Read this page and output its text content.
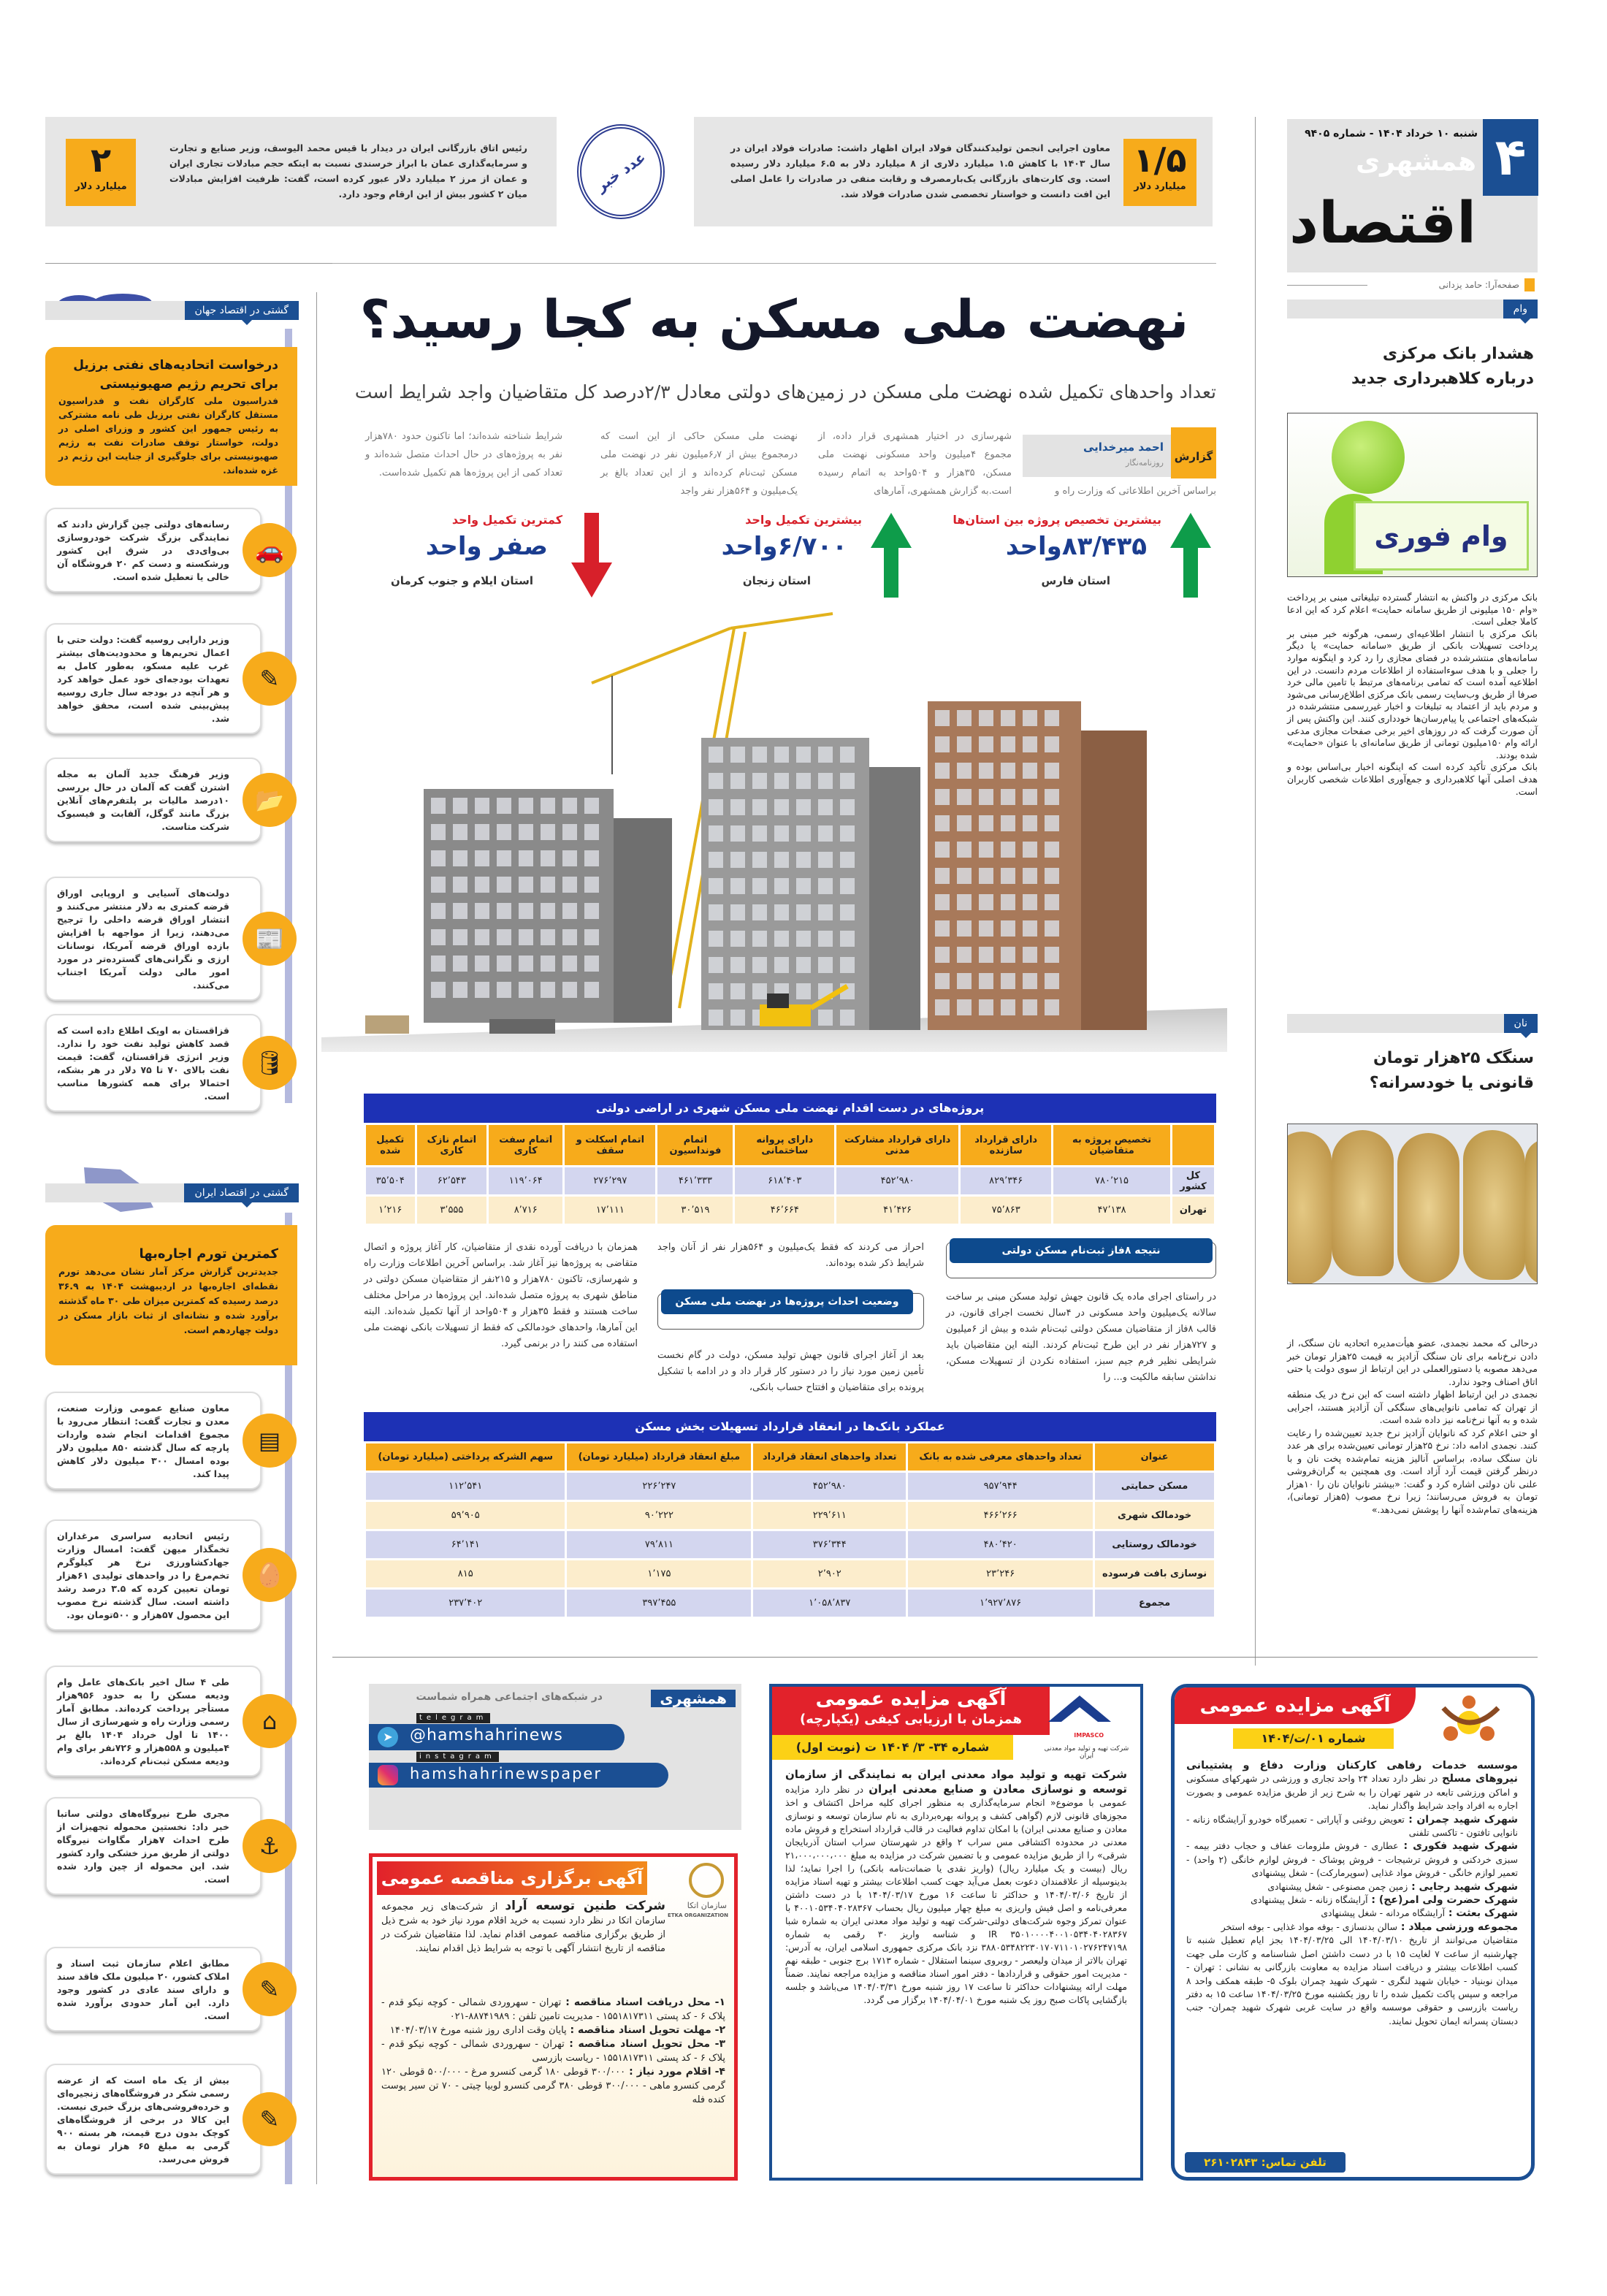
شنبه ۱۰ خرداد ۱۴۰۴ - شماره ۹۴۰۵
همشهری
اقتصاد
۴
صفحه‌آرا: حامد یزدانی
۱/۵
میلیارد دلار
معاون اجرایی انجمن تولیدکنندگان فولاد ایران اظهار داشت: صادرات فولاد ایران در سال ۱۴۰۳ با کاهش ۱.۵ میلیارد دلاری از ۸ میلیارد دلار به ۶.۵ میلیارد دلار رسیده است. وی کارت‌های بازرگانی یک‌بارمصرف و رقابت منفی در صادرات را عامل اصلی این افت دانست و خواستار تخصصی شدن صادرات فولاد شد.
۲
میلیارد دلار
رئیس اتاق بازرگانی ایران در دیدار با قیس محمد الیوسف، وزیر صنایع و تجارت و سرمایه‌گذاری عمان با ابراز خرسندی نسبت به اینکه حجم مبادلات تجاری ایران و عمان از مرز ۲ میلیارد دلار عبور کرده است، گفت: ظرفیت افزایش مبادلات میان ۲ کشور بیش از این ارقام وجود دارد.	عدد خبر
نهضت ملی مسکن به کجا رسید؟
تعداد واحدهای تکمیل شده نهضت ملی مسکن در زمین‌های دولتی معادل ۲/۳درصد کل متقاضیان واجد شرایط است
گزارش
احمد میرخدایی
روزنامه‌نگار
براساس آخرین اطلاعاتی که وزارت راه و
شهرسازی در اختیار همشهری قرار داده، از مجموع ۴میلیون واحد مسکونی نهضت ملی مسکن، ۳۵هزار و ۵۰۴واحد به اتمام رسیده است.به گزارش همشهری، آمارهای
نهضت ملی مسکن حاکی از این است که درمجموع بیش از ۶٫۷میلیون نفر در نهضت ملی مسکن ثبت‌نام کرده‌اند و از این تعداد بالغ بر یک‌میلیون و ۵۶۴هزار نفر واجد
شرایط شناخته شده‌اند؛ اما تاکنون حدود ۷۸۰هزار نفر به پروژه‌های در حال احداث متصل شده‌اند و تعداد کمی از این پروژه‌ها هم تکمیل شده‌است.
بیشترین تخصیص پروژه بین استان‌ها
۸۳/۴۳۵واحد
استان فارس
بیشترین تکمیل واحد
۶/۷۰۰واحد
استان زنجان
کمترین تکمیل واحد
صفر واحد
استان ایلام و جنوب کرمان
پروژه‌های در دست اقدام نهضت ملی مسکن شهری در اراضی دولتی
	تخصیص پروژه به متقاضیان	دارای قرارداد سازنده	دارای قرارداد مشارکت مدنی	دارای پروانه ساختمانی	اتمام فونداسیون	اتمام اسکلت و سقف	اتمام سفت کاری	اتمام نازک کاری	تکمیل شده
کل کشور	۷۸۰٬۲۱۵	۸۲۹٬۳۴۶	۴۵۲٬۹۸۰	۶۱۸٬۴۰۳	۴۶۱٬۳۳۳	۲۷۶٬۲۹۷	۱۱۹٬۰۶۴	۶۲٬۵۴۳	۳۵٬۵۰۴
تهران	۴۷٬۱۳۸	۷۵٬۸۶۳	۴۱٬۴۲۶	۴۶٬۶۶۴	۳۰٬۵۱۹	۱۷٬۱۱۱	۸٬۷۱۶	۳٬۵۵۵	۱٬۲۱۶
نتیجه ۸فاز ثبت‌نام مسکن دولتی
در راستای اجرای ماده یک قانون جهش تولید مسکن مبنی بر ساخت سالانه یک‌میلیون واحد مسکونی در ۴سال نخست اجرای قانون، در قالب ۸فاز از متقاضیان مسکن دولتی ثبت‌نام شده و بیش از ۶میلیون و ۷۲۷هزار نفر در این طرح ثبت‌نام کردند. البته این متقاضیان باید شرایطی نظیر فرم جیم سبز، استفاده نکردن از تسهیلات مسکن، نداشتن سابقه مالکیت و... را
احراز می کردند که فقط یک‌میلیون و ۵۶۴هزار نفر از آنان واجد شرایط ذکر شده بوده‌اند.
وضعیت احداث پروژه‌ها در نهضت ملی مسکن
بعد از آغاز اجرای قانون جهش تولید مسکن، دولت در گام نخست تأمین زمین مورد نیاز را در دستور کار قرار داد و در ادامه با تشکیل پرونده برای متقاضیان و افتتاح حساب بانکی،
همزمان با دریافت آورده نقدی از متقاضیان، کار آغاز پروژه و اتصال متقاضی به پروژه‌ها نیز آغاز شد. براساس آخرین اطلاعات وزارت راه و شهرسازی، تاکنون ۷۸۰هزار و ۲۱۵نفر از متقاضیان مسکن دولتی در مناطق شهری به پروژه متصل شده‌اند. این پروژه‌ها در مراحل مختلف ساخت هستند و فقط ۳۵هزار و ۵۰۴واحد از آنها تکمیل شده‌اند. البته این آمارها، واحدهای خودمالکی که فقط از تسهیلات بانکی نهضت ملی استفاده می کنند را در برنمی گیرد.
عملکرد بانک‌ها در انعقاد قرارداد تسهیلات بخش مسکن
عنوان	تعداد واحدهای معرفی شده به بانک	تعداد واحدهای انعقاد قرارداد	مبلغ انعقاد قرارداد (میلیارد تومان)	سهم الشرکه پرداختی (میلیارد تومان)
مسکن حمایتی	۹۵۷٬۹۴۴	۴۵۲٬۹۸۰	۲۲۶٬۲۴۷	۱۱۲٬۵۴۱
خودمالک شهری	۴۶۶٬۲۶۶	۲۲۹٬۶۱۱	۹۰٬۲۲۲	۵۹٬۹۰۵
خودمالک روستایی	۴۸۰٬۴۲۰	۳۷۶٬۳۴۴	۷۹٬۸۱۱	۶۴٬۱۴۱
نوسازی بافت فرسوده	۲۳٬۲۴۶	۲٬۹۰۲	۱٬۱۷۵	۸۱۵
مجموع	۱٬۹۲۷٬۸۷۶	۱٬۰۵۸٬۸۳۷	۳۹۷٬۴۵۵	۲۳۷٬۴۰۲
وام
هشدار بانک مرکزی درباره کلاهبرداری جدید
وام فوری

بانک مرکزی در واکنش به انتشار گسترده تبلیغاتی مبنی بر پرداخت «وام ۱۵۰ میلیونی از طریق سامانه حمایت» اعلام کرد که این ادعا کاملا جعلی است.

بانک مرکزی با انتشار اطلاعیه‌ای رسمی، هرگونه خبر مبنی بر پرداخت تسهیلات بانکی از طریق «سامانه حمایت» یا دیگر سامانه‌های منتشرشده در فضای مجازی را رد کرد و اینگونه موارد را جعلی و با هدف سوءاستفاده از اطلاعات مردم دانست. در این اطلاعیه آمده است که تمامی برنامه‌های مرتبط با تامین مالی خرد صرفا از طریق وب‌سایت رسمی بانک مرکزی اطلاع‌رسانی می‌شود و مردم باید از اعتماد به تبلیغات و اخبار غیررسمی منتشرشده در شبکه‌های اجتماعی یا پیام‌رسان‌ها خودداری کنند. این واکنش پس از آن صورت گرفت که در روزهای اخیر برخی صفحات مجازی مدعی ارائه وام ۱۵۰میلیون تومانی از طریق سامانه‌ای با عنوان «حمایت» شده بودند.

بانک مرکزی تأکید کرده است که اینگونه اخبار بی‌اساس بوده و هدف اصلی آنها کلاهبرداری و جمع‌آوری اطلاعات شخصی کاربران است.

نان
سنگک ۲۵هزار تومان قانونی یا خودسرانه؟

درحالی که محمد نجمدی، عضو هیأت‌مدیره اتحادیه نان سنگک، از دادن نرخ‌نامه برای نان سنگک آزادپز به قیمت ۲۵هزار تومان خبر می‌دهد مصوبه یا دستورالعملی در این ارتباط از سوی دولت یا حتی اتاق اصناف وجود ندارد.

نجمدی در این ارتباط اظهار داشته است که این نرخ در یک منطقه از تهران که تمامی نانوایی‌های سنگکی آن آزادپز هستند، اجرایی شده و به آنها نرخ‌نامه نیز داده شده است.

او حتی اعلام کرد که نانوایان آزادپز نرخ جدید تعیین‌شده را رعایت کنند. نجمدی ادامه داد: نرخ ۲۵هزار تومانی تعیین‌شده برای هر عدد نان سنگک ساده، براساس آنالیز هزینه تمام‌شده پخت نان و با درنظر گرفتن قیمت آرد آزاد است. وی همچنین به گران‌فروشی علنی نان دولتی اشاره کرد و گفت: «بیشتر نانوایان نان را ۱۰هزار تومان به فروش می‌رسانند؛ زیرا نرخ مصوب (۵هزار تومانی)، هزینه‌های تمام‌شده آنها را پوشش نمی‌دهد.»

گشتی در اقتصاد جهان
درخواست اتحادیه‌های نفتی برزیل برای تحریم رژیم صهیونیستی
فدراسیون ملی کارگران نفت و فدراسیون مستقل کارگران نفتی برزیل طی نامه مشترکی به رئیس جمهور این کشور و وزرای اصلی در دولت، خواستار توقف صادرات نفت به رژیم صهیونیستی برای جلوگیری از جنایت این رژیم در غزه شده‌اند.
رسانه‌های دولتی چین گزارش دادند که نمایندگی بزرگ شرکت خودروسازی بی‌وای‌دی در شرق این کشور ورشکسته و دست کم ۲۰ فروشگاه آن خالی یا تعطیل شده است.
🚗
وزیر دارایی روسیه گفت: دولت حتی با اعمال تحریم‌ها و محدودیت‌های بیشتر غرب علیه مسکو، به‌طور کامل به تعهدات بودجه‌ای خود عمل خواهد کرد و هر آنچه در بودجه سال جاری روسیه پیش‌بینی شده است، محقق خواهد شد.
✎
وزیر فرهنگ جدید آلمان به مجله اشترن گفت که آلمان در حال بررسی ۱۰درصد مالیات بر پلتفرم‌های آنلاین بزرگ مانند گوگل، آلفابت و فیسبوک شرکت متاست.
📂
دولت‌های آسیایی و اروپایی اوراق قرضه کمتری به دلار منتشر می‌کنند و انتشار اوراق قرضه داخلی را ترجیح می‌دهند، زیرا از مواجهه با افزایش بازده اوراق قرضه آمریکا، نوسانات ارزی و نگرانی‌های گسترده‌تر در مورد امور مالی دولت آمریکا اجتناب می‌کنند.
📰
قزاقستان به اوپک اطلاع داده است که قصد کاهش تولید نفت خود را ندارد. وزیر انرژی قزاقستان، گفت: قیمت نفت بالای ۷۰ تا ۷۵ دلار در هر بشکه، احتمالا برای همه کشورها مناسب است.
🛢
گشتی در اقتصاد ایران
کمترین تورم اجاره‌بها
جدیدترین گزارش مرکز آمار نشان می‌دهد تورم نقطه‌ای اجاره‌بها در اردیبهشت ۱۴۰۴ به ۳۶.۹ درصد رسیده که کمترین میزان طی ۳۰ ماه گذشته برآورد شده و نشانه‌ای از ثبات بازار مسکن در دولت چهاردهم است.
معاون صنایع عمومی وزارت صنعت، معدن و تجارت گفت: انتظار می‌رود با مجموع اقدامات انجام شده واردات پارچه که سال گذشته ۸۵۰ میلیون دلار بوده امسال ۳۰۰ میلیون دلار کاهش پیدا کند.
▤
رئیس اتحادیه سراسری مرغداران تخمگذار میهن گفت: امسال وزارت جهادکشاورزی نرخ هر کیلوگرم تخم‌مرغ را در واحدهای تولیدی ۶۱هزار تومان تعیین کرده که ۳.۵ درصد رشد داشته است. سال گذشته نرخ مصوب این محصول ۵۷هزار و ۵۰۰تومان بود.
🥚
طی ۴ سال اخیر بانک‌های عامل وام ودیعه مسکن را به حدود ۹۵۶هزار مستأجر پرداخت کرده‌اند. مطابق آمار رسمی وزارت راه و شهرسازی از سال ۱۴۰۰ تا اول خرداد ۱۴۰۴ بالغ بر ۴میلیون و ۵۵۸هزار و ۷۲۶نفر برای وام ودیعه مسکن ثبت‌نام کرده‌اند.
⌂
مجری طرح نیروگاه‌های دولتی ساتبا خبر داد: نخستین محموله تجهیزات از طرح احداث ۷هزار مگاوات نیروگاه دولتی از طریق مرز خشکی وارد کشور شد. این محموله از چین وارد شده است.
⚓
مطابق اعلام سازمان ثبت اسناد و املاک کشور، ۲۰ میلیون ملک فاقد سند و دارای سند عادی در کشور وجود دارد. این آمار حدودی برآورد شده است.
✎
بیش از یک ماه است که از عرضه رسمی شکر در فروشگاه‌های زنجیره‌ای و خرده‌فروشی‌های بزرگ خبری نیست. این کالا در برخی از فروشگاه‌های کوچک بدون درج قیمت، هر بسته ۹۰۰ گرمی به مبلغ ۶۵ هزار تومان به فروش می‌رسد.
✎
همشهری
در شبکه‌های اجتماعی همراه شماست
➤	@hamshahrinews
telegram
hamshahrinewspaper
instagram
آگهی برگزاری مناقصه عمومی
سازمان اتکا
ETKA ORGANIZATION
شرکت طنین توسعه آراد از شرکت‌های زیر مجموعه سازمان اتکا در نظر دارد نسبت به خرید اقلام مورد نیاز خود به شرح ذیل از طریق برگزاری مناقصه عمومی اقدام نماید. لذا متقاضیان شرکت در مناقصه از تاریخ انتشار آگهی با توجه به شرایط ذیل اقدام نمایند.

۱- محل دریافت اسناد مناقصه : تهران - سهروردی شمالی - کوچه نیکو قدم - پلاک ۶ - کد پستی ۱۵۵۱۸۱۷۳۱۱ - مدیریت تامین تلفن : ۸۸۷۴۱۹۸۹-۰۲۱

۲- مهلت تحویل اسناد مناقصه : پایان وقت اداری روز شنبه مورخ ۱۴۰۴/۰۳/۱۷

۳- محل تحویل اسناد مناقصه : تهران - سهروردی شمالی - کوچه نیکو قدم - پلاک ۶ - کد پستی ۱۵۵۱۸۱۷۳۱۱ - ریاست بازرسی

۴- اقلام مورد نیاز : ۳۰۰/۰۰۰ قوطی ۱۸۰ گرمی کنسرو مرغ - ۵۰۰/۰۰۰ قوطی ۱۲۰ گرمی کنسرو ماهی - ۳۰۰/۰۰۰ قوطی ۳۸۰ گرمی کنسرو لوبیا چیتی - ۷۰ تن سیر پوست کنده فله

آگهی مزایده عمومی
همزمان با ارزیابی کیفی (یکپارچه)
شماره ۳۴- ۳/ ۱۴۰۴ ت (نوبت اول)
IMPASCO
شرکت تهیه و تولید مواد معدنی ایران
شرکت تهیه و تولید مواد معدنی ایران به نمایندگی از سازمان توسعه و نوسازی معادن و صنایع معدنی ایران در نظر دارد مزایده عمومی با موضوع« انجام سرمایه‌گذاری به منظور اجرای کلیه مراحل اکتشاف و اخذ مجوزهای قانونی لازم (گواهی کشف و پروانه بهره‌برداری به نام سازمان توسعه و نوسازی معادن و صنایع معدنی ایران) با امکان تداوم فعالیت در قالب قرارداد استخراج و فروش ماده معدنی در محدوده اکتشافی مس سراب ۲ واقع در شهرستان سراب استان آذربایجان شرقی» را از طریق مزایده عمومی و با تضمین شرکت در مزایده به مبلغ ۲۱،۰۰۰،۰۰۰،۰۰۰ ریال (بیست و یک میلیارد ریال) (واریز نقدی یا ضمانت‌نامه بانکی) را اجرا نماید؛ لذا بدینوسیله از علاقمندان دعوت بعمل می‌آید جهت کسب اطلاعات بیشتر و تهیه اسناد مزایده از تاریخ ۱۴۰۴/۰۳/۰۶ و حداکثر تا ساعت ۱۶ مورخ ۱۴۰۴/۰۳/۱۷ با در دست داشتن معرفی‌نامه و اصل فیش واریزی به مبلغ چهار میلیون ریال بحساب ۴۰۰۱۰۵۳۴۰۴۰۲۸۳۶۷ با عنوان تمرکز وجوه شرکت‌های دولتی-شرکت تهیه و تولید مواد معدنی ایران به شماره شبا IR ۳۵۰۱۰۰۰۰۴۰۰۱۰۵۳۴۰۴۰۲۸۳۶۷ و شناسه واریز ۳۰ رقمی به شماره ۳۸۸۰۵۳۴۸۲۲۳۰۱۷۰۷۱۱۰۱۰۲۷۶۲۴۷۱۹۸ نزد بانک مرکزی جمهوری اسلامی ایران، به آدرس: تهران بالاتر از میدان ولیعصر - روبروی سینما استقلال - شماره ۱۷۱۳ برج جنوبی - طبقه نهم - مدیریت امور حقوقی و قراردادها - دفتر امور اسناد مناقصه و مزایده مراجعه نمایند. ضمناً مهلت ارائه پیشنهادات حداکثر تا ساعت ۱۷ روز شنبه مورخ ۱۴۰۴/۰۳/۳۱ می‌باشد و جلسه بازگشایی پاکات صبح روز یک شنبه مورخ ۱۴۰۴/۰۴/۰۱ برگزار می گردد.
آگهی مزایده عمومی
شماره ۰۱/ت/۱۴۰۴

موسسه خدمات رفاهی کارکنان وزارت دفاع و پشتیبانی نیروهای مسلح در نظر دارد تعداد ۲۴ واحد تجاری و ورزشی در شهرکهای مسکونی و اماکن ورزشی تابعه در شهر تهران را به شرح زیر از طریق مزایده عمومی و بصورت اجاره به افراد واجد شرایط واگذار نماید.

شهرک شهید چمران : تعویض روغنی و آپاراتی - تعمیرگاه خودرو آرایشگاه زنانه - نانوایی تافتون - تاکسی تلفنی

شهرک شهید فکوری : عطاری - فروش ملزومات عفاف و حجاب دفتر بیمه - سبزی خردکنی و فروش ترشیجات - فروش پوشاک - فروش لوازم خانگی (۲ واحد) - تعمیر لوازم خانگی - فروش مواد غذایی (سوپرمارکت) - شغل پیشنهادی

شهرک شهید رجایی : زمین چمن مصنوعی - شغل پیشنهادی

شهرک حضرت ولی امر(عج) : آرایشگاه زنانه - شغل پیشنهادی

شهرک بعثت : آرایشگاه مردانه - شغل پیشنهادی

مجموعه ورزشی میلاد : سالن بدنسازی - بوفه مواد غذایی - بوفه استخر

متقاضیان می‌توانند از تاریخ ۱۴۰۴/۰۳/۱۰ الی ۱۴۰۴/۰۳/۲۵ بجز ایام تعطیل شنبه تا چهارشنبه از ساعت ۷ لغایت ۱۵ با در دست داشتن اصل شناسنامه و کارت ملی جهت کسب اطلاعات بیشتر و دریافت اسناد مزایده به معاونت بازرگانی به نشانی : تهران - میدان نوبنیاد - خیابان شهید لنگری - شهرک شهید چمران بلوک ۵- طبقه همکف واحد ۸ مراجعه و سپس پاکت تکمیل شده را تا روز یکشنبه مورخ ۱۴۰۴/۰۳/۲۵ ساعت ۱۵ به دفتر ریاست بازرسی و حقوقی موسسه واقع در سایت غربی شهرک شهید چمران- جنب دبستان پسرانه ایمان تحویل نمایند.

تلفن تماس: ۲۶۱۰۲۸۴۳
